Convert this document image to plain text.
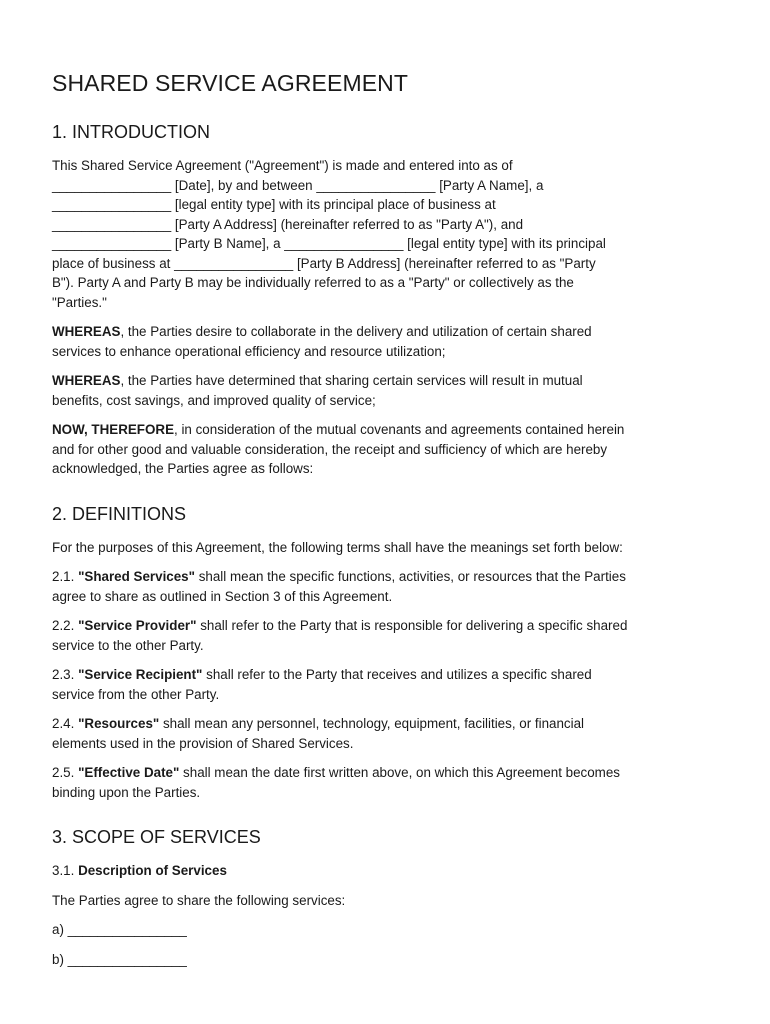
SHARED SERVICE AGREEMENT
1. INTRODUCTION

This Shared Service Agreement ("Agreement") is made and entered into as of
________________ [Date], by and between ________________ [Party A Name], a
________________ [legal entity type] with its principal place of business at
________________ [Party A Address] (hereinafter referred to as "Party A"), and
________________ [Party B Name], a ________________ [legal entity type] with its principal
place of business at ________________ [Party B Address] (hereinafter referred to as "Party
B"). Party A and Party B may be individually referred to as a "Party" or collectively as the
"Parties."

WHEREAS, the Parties desire to collaborate in the delivery and utilization of certain shared
services to enhance operational efficiency and resource utilization;

WHEREAS, the Parties have determined that sharing certain services will result in mutual
benefits, cost savings, and improved quality of service;

NOW, THEREFORE, in consideration of the mutual covenants and agreements contained herein
and for other good and valuable consideration, the receipt and sufficiency of which are hereby
acknowledged, the Parties agree as follows:

2. DEFINITIONS

For the purposes of this Agreement, the following terms shall have the meanings set forth below:

2.1. "Shared Services" shall mean the specific functions, activities, or resources that the Parties
agree to share as outlined in Section 3 of this Agreement.

2.2. "Service Provider" shall refer to the Party that is responsible for delivering a specific shared
service to the other Party.

2.3. "Service Recipient" shall refer to the Party that receives and utilizes a specific shared
service from the other Party.

2.4. "Resources" shall mean any personnel, technology, equipment, facilities, or financial
elements used in the provision of Shared Services.

2.5. "Effective Date" shall mean the date first written above, on which this Agreement becomes
binding upon the Parties.

3. SCOPE OF SERVICES

3.1. Description of Services

The Parties agree to share the following services:

a) ________________

b) ________________
